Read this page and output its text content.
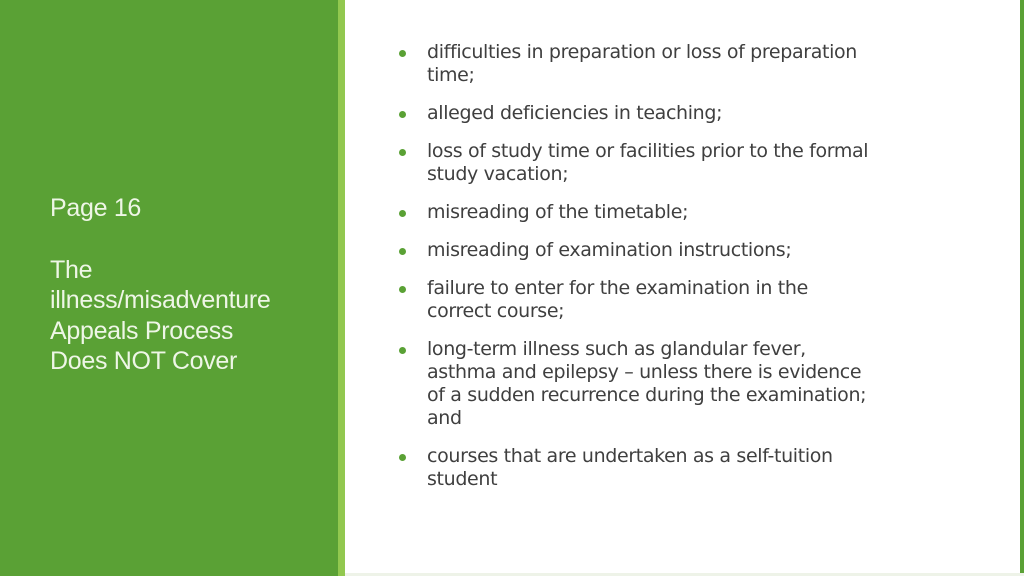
Page 16
The
illness/misadventure
Appeals Process
Does NOT Cover
difficulties in preparation or loss of preparation
time;
alleged deficiencies in teaching;
loss of study time or facilities prior to the formal
study vacation;
misreading of the timetable;
misreading of examination instructions;
failure to enter for the examination in the
correct course;
long-term illness such as glandular fever,
asthma and epilepsy – unless there is evidence
of a sudden recurrence during the examination;
and
courses that are undertaken as a self-tuition
student
